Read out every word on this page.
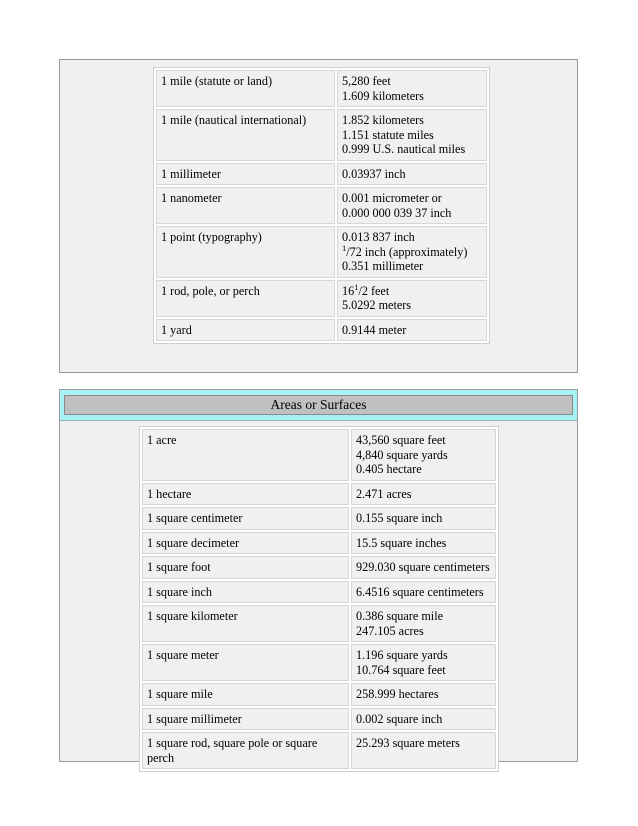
1 mile (statute or land)	5,280 feet
1.609 kilometers

1 mile (nautical international)	1.852 kilometers
1.151 statute miles
0.999 U.S. nautical miles

1 millimeter	0.03937 inch

1 nanometer	0.001 micrometer or
0.000 000 039 37 inch

1 point (typography)	0.013 837 inch
$^1$/72 inch (approximately)
0.351 millimeter

1 rod, pole, or perch	$16^1/2$ feet
5.0292 meters

1 yard	0.9144 meter
Areas or Surfaces
1 acre	43,560 square feet
4,840 square yards
0.405 hectare

1 hectare	2.471 acres

1 square centimeter	0.155 square inch

1 square decimeter	15.5 square inches

1 square foot	929.030 square centimeters

1 square inch	6.4516 square centimeters

1 square kilometer	0.386 square mile
247.105 acres

1 square meter	1.196 square yards
10.764 square feet

1 square mile	258.999 hectares

1 square millimeter	0.002 square inch

1 square rod, square pole or square
perch	25.293 square meters
